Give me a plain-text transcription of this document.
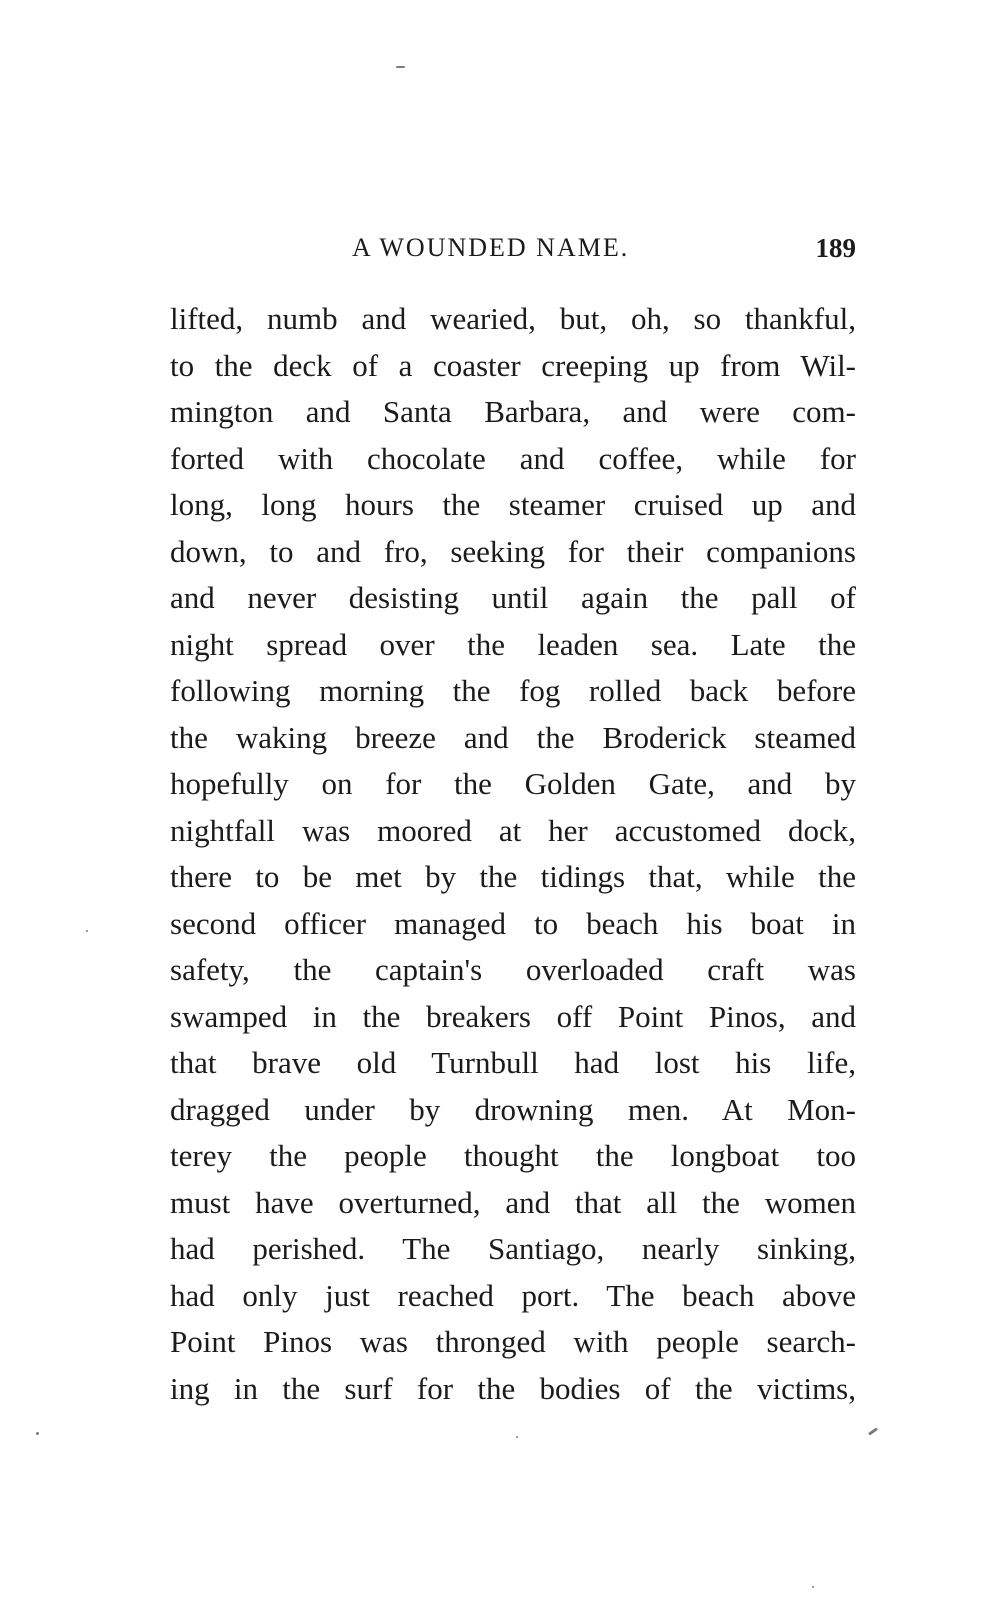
A WOUNDED NAME.	189
lifted, numb and wearied, but, oh, so thankful,
to the deck of a coaster creeping up from Wil-
mington and Santa Barbara, and were com-
forted with chocolate and coffee, while for
long, long hours the steamer cruised up and
down, to and fro, seeking for their companions
and never desisting until again the pall of
night spread over the leaden sea. Late the
following morning the fog rolled back before
the waking breeze and the Broderick steamed
hopefully on for the Golden Gate, and by
nightfall was moored at her accustomed dock,
there to be met by the tidings that, while the
second officer managed to beach his boat in
safety, the captain's overloaded craft was
swamped in the breakers off Point Pinos, and
that brave old Turnbull had lost his life,
dragged under by drowning men. At Mon-
terey the people thought the longboat too
must have overturned, and that all the women
had perished. The Santiago, nearly sinking,
had only just reached port. The beach above
Point Pinos was thronged with people search-
ing in the surf for the bodies of the victims,
